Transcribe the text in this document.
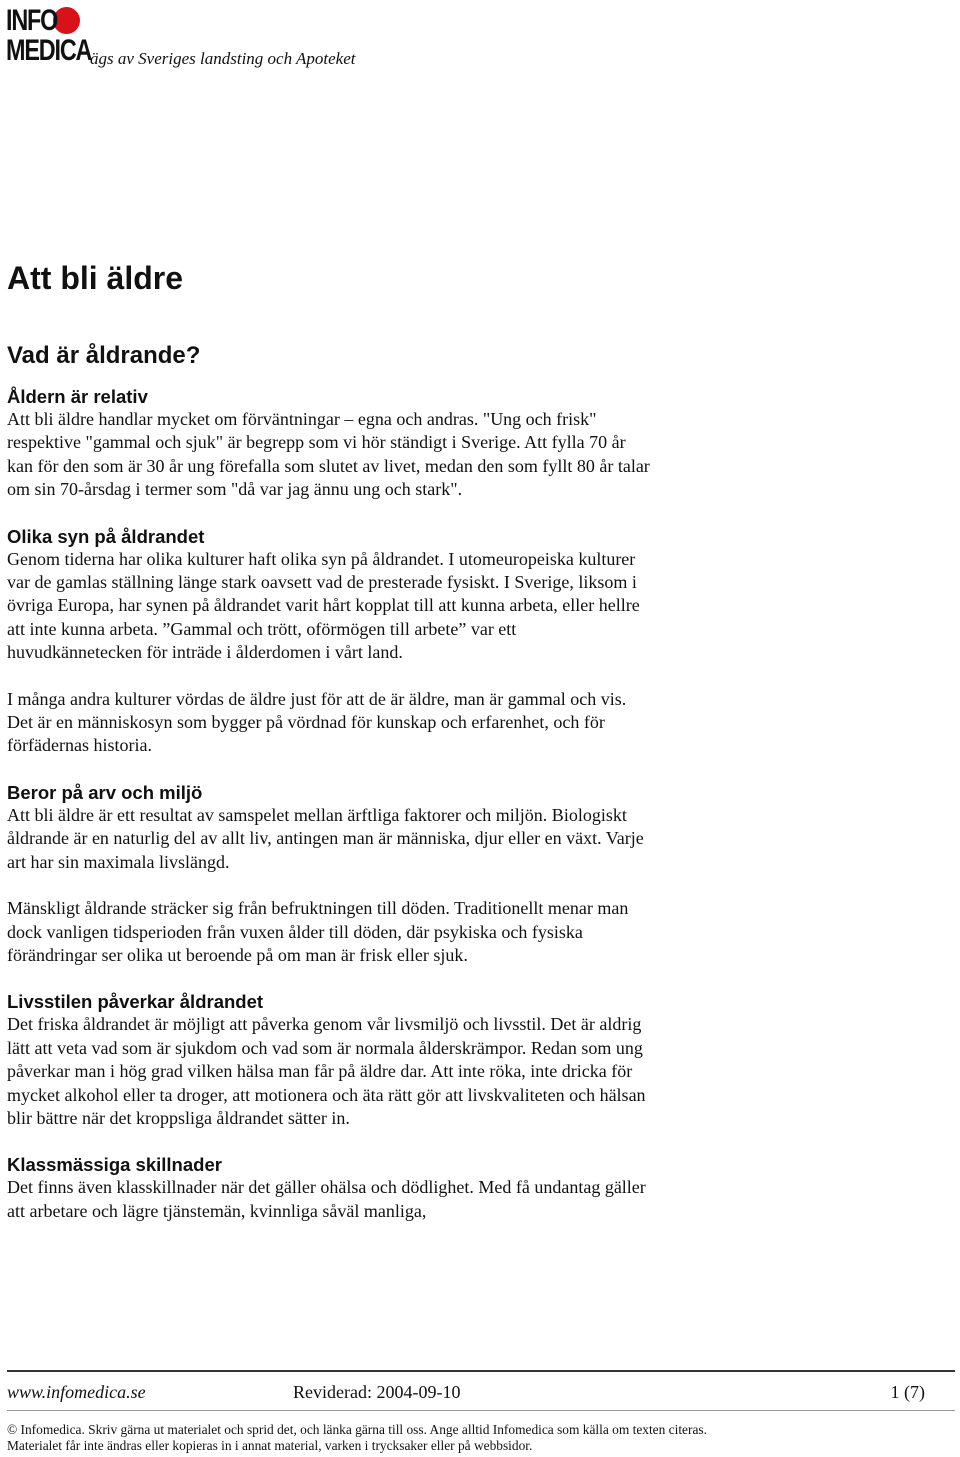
INFO
MEDICA
ägs av Sveriges landsting och Apoteket
Att bli äldre
Vad är åldrande?
Åldern är relativ

Att bli äldre handlar mycket om förväntningar – egna och andras. "Ung och frisk" respektive "gammal och sjuk" är begrepp som vi hör ständigt i Sverige. Att fylla 70 år kan för den som är 30 år ung förefalla som slutet av livet, medan den som fyllt 80 år talar om sin 70-årsdag i termer som "då var jag ännu ung och stark".

Olika syn på åldrandet

Genom tiderna har olika kulturer haft olika syn på åldrandet. I utomeuropeiska kulturer var de gamlas ställning länge stark oavsett vad de presterade fysiskt. I Sverige, liksom i övriga Europa, har synen på åldrandet varit hårt kopplat till att kunna arbeta, eller hellre att inte kunna arbeta. ”Gammal och trött, oförmögen till arbete” var ett huvudkännetecken för inträde i ålderdomen i vårt land.

I många andra kulturer vördas de äldre just för att de är äldre, man är gammal och vis. Det är en människosyn som bygger på vördnad för kunskap och erfarenhet, och för förfädernas historia.

Beror på arv och miljö

Att bli äldre är ett resultat av samspelet mellan ärftliga faktorer och miljön. Biologiskt åldrande är en naturlig del av allt liv, antingen man är människa, djur eller en växt. Varje art har sin maximala livslängd.

Mänskligt åldrande sträcker sig från befruktningen till döden. Traditionellt menar man dock vanligen tidsperioden från vuxen ålder till döden, där psykiska och fysiska förändringar ser olika ut beroende på om man är frisk eller sjuk.

Livsstilen påverkar åldrandet

Det friska åldrandet är möjligt att påverka genom vår livsmiljö och livsstil. Det är aldrig lätt att veta vad som är sjukdom och vad som är normala ålderskrämpor. Redan som ung påverkar man i hög grad vilken hälsa man får på äldre dar. Att inte röka, inte dricka för mycket alkohol eller ta droger, att motionera och äta rätt gör att livskvaliteten och hälsan blir bättre när det kroppsliga åldrandet sätter in.

Klassmässiga skillnader

Det finns även klasskillnader när det gäller ohälsa och dödlighet. Med få undantag gäller att arbetare och lägre tjänstemän, kvinnliga såväl manliga,

www.infomedica.se	Reviderad: 2004-09-10	1 (7)
© Infomedica. Skriv gärna ut materialet och sprid det, och länka gärna till oss. Ange alltid Infomedica som källa om texten citeras.
Materialet får inte ändras eller kopieras in i annat material, varken i trycksaker eller på webbsidor.
